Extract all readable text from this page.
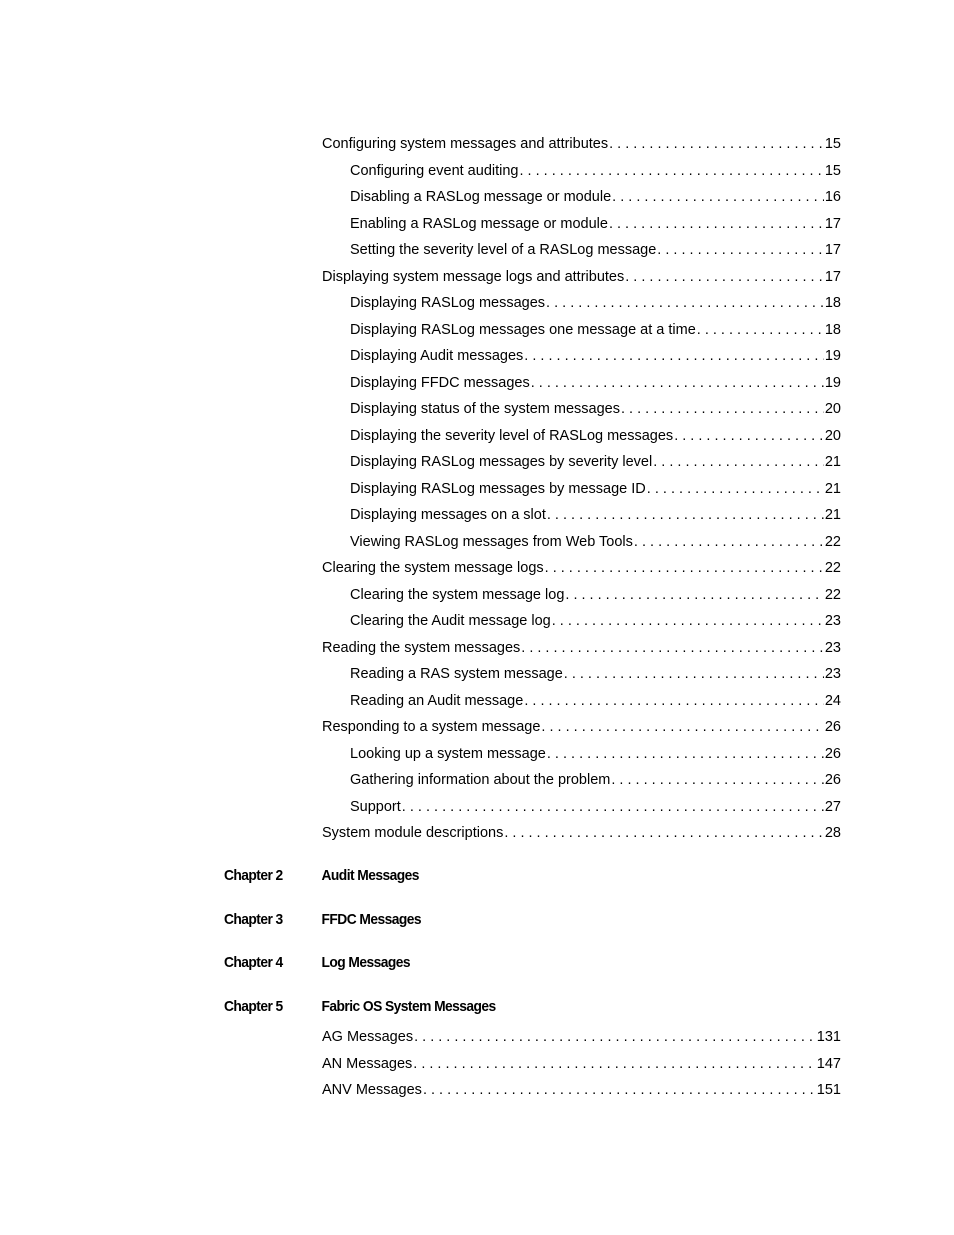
Configuring system messages and attributes . . .	15
Configuring event auditing . . .	15
Disabling a RASLog message or module . . .	16
Enabling a RASLog message or module . . .	17
Setting the severity level of a RASLog message . . .	17
Displaying system message logs and attributes . . .	17
Displaying RASLog messages . . .	18
Displaying RASLog messages one message at a time . . .	18
Displaying Audit messages . . .	19
Displaying FFDC messages . . .	19
Displaying status of the system messages . . .	20
Displaying the severity level of RASLog messages . . .	20
Displaying RASLog messages by severity level . . .	21
Displaying RASLog messages by message ID . . .	21
Displaying messages on a slot . . .	21
Viewing RASLog messages from Web Tools . . .	22
Clearing the system message logs . . .	22
Clearing the system message log . . .	22
Clearing the Audit message log . . .	23
Reading the system messages . . .	23
Reading a RAS system message . . .	23
Reading an Audit message . . .	24
Responding to a system message . . .	26
Looking up a system message . . .	26
Gathering information about the problem . . .	26
Support . . .	27
System module descriptions . . .	28
Chapter 2	Audit Messages
Chapter 3	FFDC Messages
Chapter 4	Log Messages
Chapter 5	Fabric OS System Messages
AG Messages . . .	131
AN Messages . . .	147
ANV Messages . . .	151
